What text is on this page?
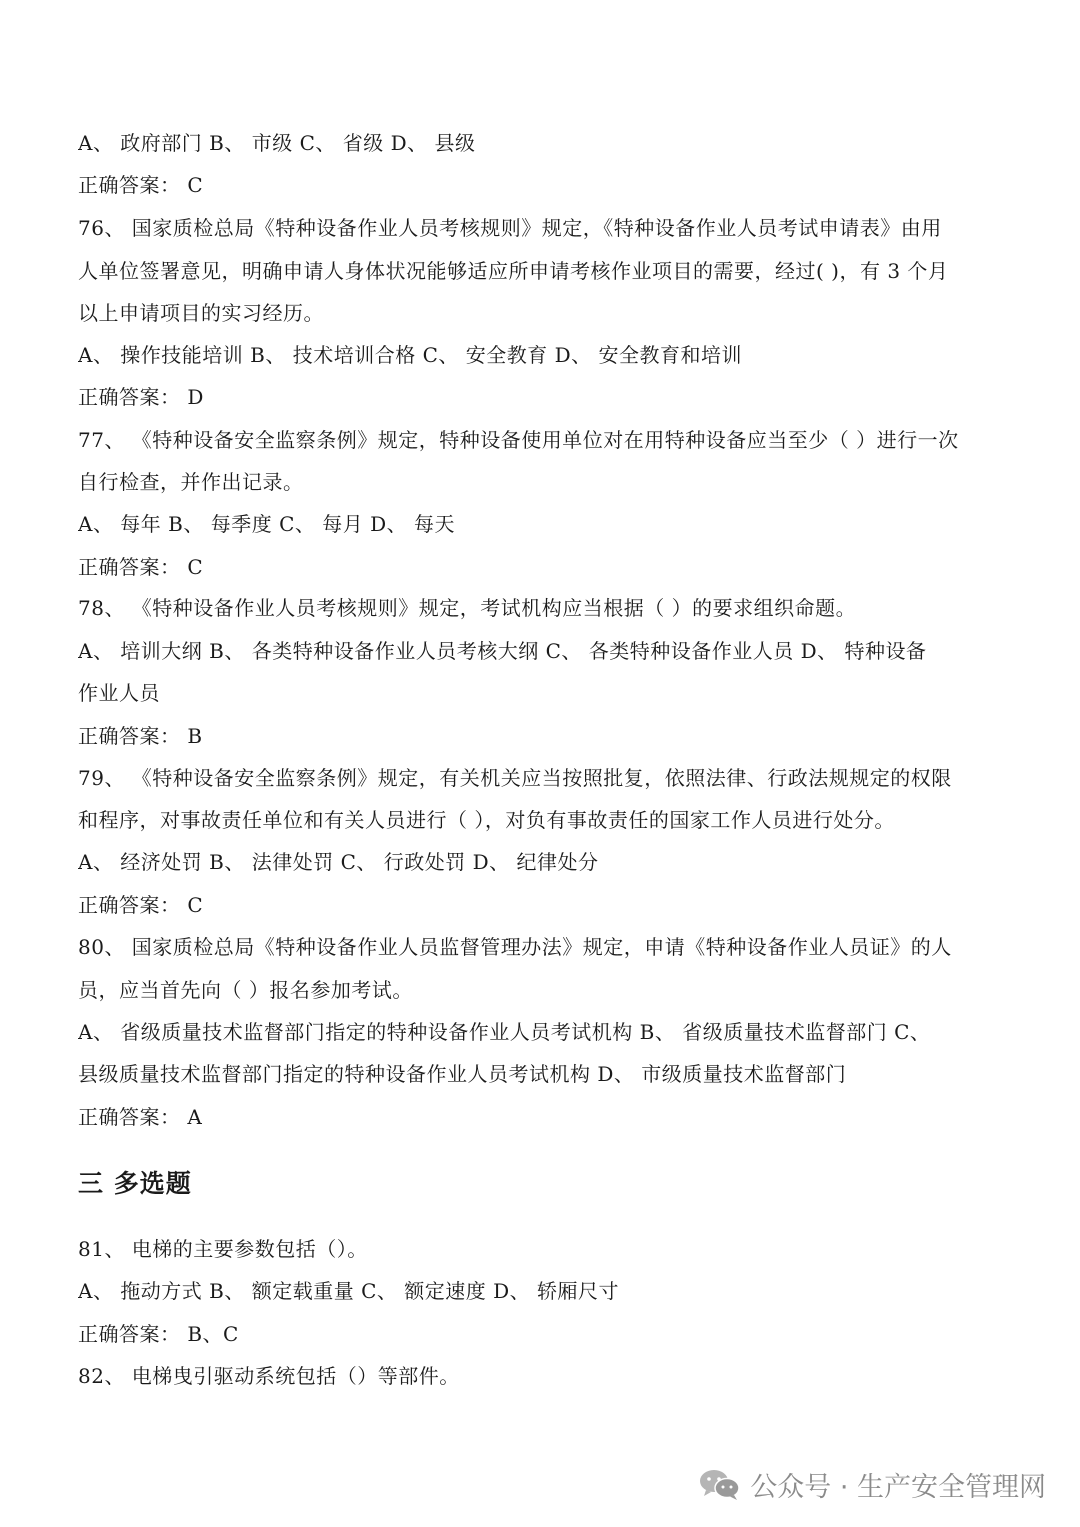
A、 政府部门 B、 市级 C、 省级 D、 县级
正确答案： C
76、 国家质检总局《特种设备作业人员考核规则》规定，《特种设备作业人员考试申请表》由用
人单位签署意见，明确申请人身体状况能够适应所申请考核作业项目的需要，经过( )，有 3 个月
以上申请项目的实习经历。
A、 操作技能培训 B、 技术培训合格 C、 安全教育 D、 安全教育和培训
正确答案： D
77、 《特种设备安全监察条例》规定，特种设备使用单位对在用特种设备应当至少（ ）进行一次
自行检查，并作出记录。
A、 每年 B、 每季度 C、 每月 D、 每天
正确答案： C
78、 《特种设备作业人员考核规则》规定，考试机构应当根据（ ）的要求组织命题。
A、 培训大纲 B、 各类特种设备作业人员考核大纲 C、 各类特种设备作业人员 D、 特种设备
作业人员
正确答案： B
79、 《特种设备安全监察条例》规定，有关机关应当按照批复，依照法律、行政法规规定的权限
和程序，对事故责任单位和有关人员进行（ ），对负有事故责任的国家工作人员进行处分。
A、 经济处罚 B、 法律处罚 C、 行政处罚 D、 纪律处分
正确答案： C
80、 国家质检总局《特种设备作业人员监督管理办法》规定，申请《特种设备作业人员证》的人
员，应当首先向（ ）报名参加考试。
A、 省级质量技术监督部门指定的特种设备作业人员考试机构 B、 省级质量技术监督部门 C、
县级质量技术监督部门指定的特种设备作业人员考试机构 D、 市级质量技术监督部门
正确答案： A
三 多选题
81、 电梯的主要参数包括（）。
A、 拖动方式 B、 额定载重量 C、 额定速度 D、 轿厢尺寸
正确答案： B、C
82、 电梯曳引驱动系统包括（）等部件。
公众号 · 生产安全管理网
